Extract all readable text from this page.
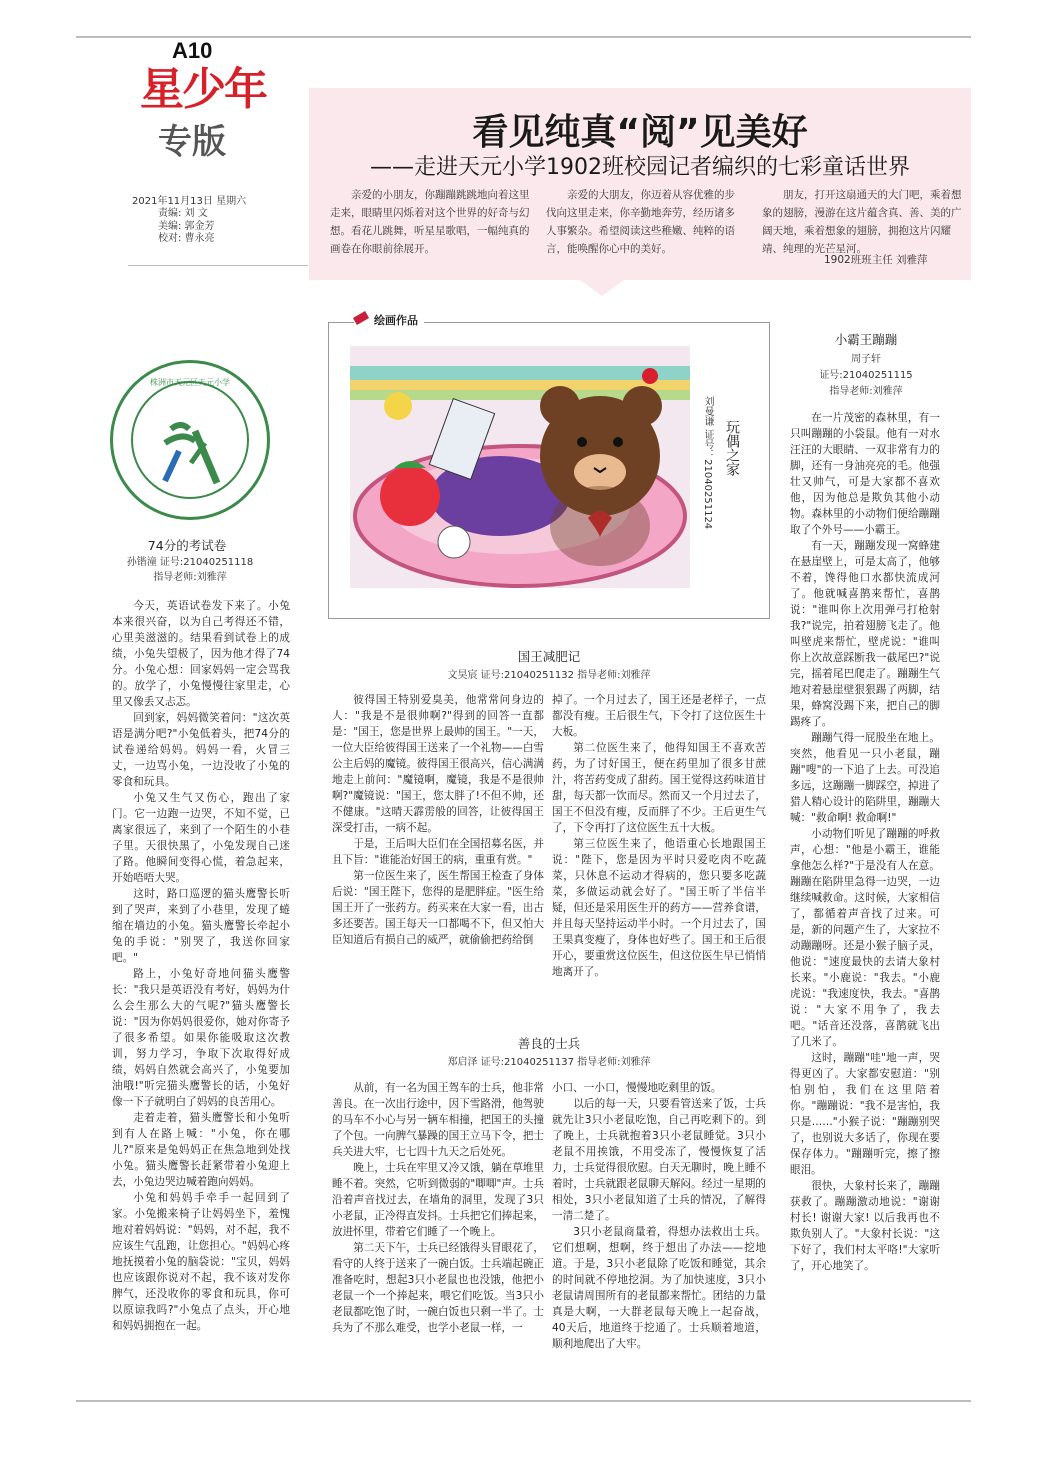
A10
星少年
专版
2021年11月13日 星期六
责编: 刘 文
美编: 郭金芳
校对: 曹永亮
看见纯真“阅”见美好
——走进天元小学1902班校园记者编织的七彩童话世界
亲爱的小朋友，你蹦蹦跳跳地向着这里走来，眼睛里闪烁着对这个世界的好奇与幻想。看花儿跳舞，听星星歌唱，一幅纯真的画卷在你眼前徐展开。
亲爱的大朋友，你迈着从容优雅的步伐向这里走来，你辛勤地奔劳，经历诸多人事繁杂。希望阅读这些稚嫩、纯粹的语言，能唤醒你心中的美好。
朋友，打开这扇通天的大门吧，乘着想象的翅膀，漫游在这片蕴含真、善、美的广阔天地，乘着想象的翅膀，拥抱这片闪耀靖、纯理的光芒星河。
1902班班主任 刘雅萍
株洲市天元区天元小学
绘画作品
玩偶之家
刘曼谦 证号：21040251124
74分的考试卷
孙锴潼 证号:21040251118
指导老师:刘雅萍

今天，英语试卷发下来了。小兔本来很兴奋，以为自己考得还不错，心里美滋滋的。结果看到试卷上的成绩，小兔失望极了，因为他才得了74分。小兔心想：回家妈妈一定会骂我的。放学了，小兔慢慢往家里走，心里又像丢又忐忑。

回到家，妈妈微笑着问："这次英语是满分吧?"小兔低着头，把74分的试卷递给妈妈。妈妈一看，火冒三丈，一边骂小兔，一边没收了小兔的零食和玩具。

小兔又生气又伤心，跑出了家门。它一边跑一边哭，不知不觉，已离家很远了，来到了一个陌生的小巷子里。天很快黑了，小兔发现自己迷了路。他瞬间变得心慌，着急起来，开始唔唔大哭。

这时，路口巡逻的猫头鹰警长听到了哭声，来到了小巷里，发现了蜷缩在墙边的小兔。猫头鹰警长牵起小兔的手说："别哭了，我送你回家吧。"

路上，小兔好奇地问猫头鹰警长："我只是英语没有考好，妈妈为什么会生那么大的气呢?"猫头鹰警长说："因为你妈妈很爱你，她对你寄予了很多希望。如果你能吸取这次教训，努力学习，争取下次取得好成绩，妈妈自然就会高兴了，小兔要加油哦!"听完猫头鹰警长的话，小兔好像一下子就明白了妈妈的良苦用心。

走着走着，猫头鹰警长和小兔听到有人在路上喊："小兔，你在哪儿?"原来是兔妈妈正在焦急地到处找小兔。猫头鹰警长赶紧带着小兔迎上去，小兔边哭边喊着跑向妈妈。

小兔和妈妈手牵手一起回到了家。小兔搬来椅子让妈妈坐下，羞愧地对着妈妈说："妈妈，对不起，我不应该生气乱跑，让您担心。"妈妈心疼地抚摸着小兔的脑袋说："宝贝，妈妈也应该跟你说对不起，我不该对发你脾气，还没收你的零食和玩具，你可以原谅我吗?"小兔点了点头，开心地和妈妈拥抱在一起。

国王减肥记
文昊宸 证号:21040251132 指导老师:刘雅萍

彼得国王特别爱臭美，他常常问身边的人："我是不是很帅啊?"得到的回答一直都是："国王，您是世界上最帅的国王。"一天，一位大臣给彼得国王送来了一个礼物——白雪公主后妈的魔镜。彼得国王很高兴，信心满满地走上前问："魔镜啊，魔镜，我是不是很帅啊?"魔镜说："国王，您太胖了!不但不帅，还不健康。"这晴天霹雳般的回答，让彼得国王深受打击，一病不起。

于是，王后叫大臣们在全国招募名医，并且下旨："谁能治好国王的病，重重有赏。"

第一位医生来了，医生帮国王检查了身体后说："国王陛下，您得的是肥胖症。"医生给国王开了一张药方。药买来在大家一看，出古多还要苦。国王每天一口都喝不下，但又怕大臣知道后有损自己的威严，就偷偷把药给倒

掉了。一个月过去了，国王还是老样子，一点都没有瘦。王后很生气，下令打了这位医生十大板。

第二位医生来了，他得知国王不喜欢苦药，为了讨好国王，便在药里加了很多甘蔗汁，将苦药变成了甜药。国王觉得这药味道甘甜，每天都一饮而尽。然而又一个月过去了，国王不但没有瘦，反而胖了不少。王后更生气了，下令再打了这位医生五十大板。

第三位医生来了，他语重心长地跟国王说："陛下，您是因为平时只爱吃肉不吃蔬菜，只休息不运动才得病的，您只要多吃蔬菜，多做运动就会好了。"国王听了半信半疑，但还是采用医生开的药方——营养食谱，并且每天坚持运动半小时。一个月过去了，国王果真变瘦了，身体也好些了。国王和王后很开心，要重赏这位医生，但这位医生早已悄悄地离开了。

善良的士兵
郑启泽 证号:21040251137 指导老师:刘雅萍

从前，有一名为国王驾车的士兵，他非常善良。在一次出行途中，因下雪路滑，他驾驶的马车不小心与另一辆车相撞，把国王的头撞了个包。一向脾气暴躁的国王立马下令，把士兵关进大牢，七七四十九天之后处死。

晚上，士兵在牢里又冷又饿，躺在草堆里睡不着。突然，它听到微弱的"唧唧"声。士兵沿着声音找过去，在墙角的洞里，发现了3只小老鼠，正冷得直发抖。士兵把它们捧起来，放进怀里，带着它们睡了一个晚上。

第二天下午，士兵已经饿得头冒眼花了，看守的人终于送来了一碗白饭。士兵端起碗正准备吃时，想起3只小老鼠也也没饿，他把小老鼠一个一个捧起来，喂它们吃饭。当3只小老鼠都吃饱了时，一碗白饭也只剩一半了。士兵为了不那么难受，也学小老鼠一样，一

小口、一小口，慢慢地吃剩里的饭。

以后的每一天，只要看管送来了饭，士兵就先让3只小老鼠吃饱，自己再吃剩下的。到了晚上，士兵就抱着3只小老鼠睡觉。3只小老鼠不用挨饿，不用受冻了，慢慢恢复了活力，士兵觉得很欣慰。白天无聊时，晚上睡不着时，士兵就跟老鼠聊天解闷。经过一星期的相处，3只小老鼠知道了士兵的情况，了解得一清二楚了。

3只小老鼠商量着，得想办法救出士兵。它们想啊，想啊，终于想出了办法——挖地道。于是，3只小老鼠除了吃饭和睡觉，其余的时间就不停地挖洞。为了加快速度，3只小老鼠请周围所有的老鼠都来帮忙。团结的力量真是大啊，一大群老鼠每天晚上一起奋战，40天后，地道终于挖通了。士兵顺着地道，顺利地爬出了大牢。

小霸王蹦蹦
周子轩
证号:21040251115
指导老师:刘雅萍

在一片茂密的森林里，有一只叫蹦蹦的小袋鼠。他有一对水汪汪的大眼睛、一双非常有力的脚，还有一身油亮亮的毛。他强壮又帅气，可是大家都不喜欢他，因为他总是欺负其他小动物。森林里的小动物们便给蹦蹦取了个外号——小霸王。

有一天，蹦蹦发现一窝蜂建在悬崖壁上，可是太高了，他够不着，馋得他口水都快流成河了。他就喊喜鹊来帮忙，喜鹊说："谁叫你上次用弹弓打枪射我?"说完，拍着翅膀飞走了。他叫壁虎来帮忙，壁虎说："谁叫你上次故意踩断我一截尾巴?"说完，摇着尾巴爬走了。蹦蹦生气地对着悬崖壁狠狠踢了两脚，结果，蜂窝没踢下来，把自己的脚踢疼了。

蹦蹦气得一屁股坐在地上。突然，他看见一只小老鼠，蹦蹦"嗖"的一下追了上去。可没追多远，这蹦蹦一脚踩空，掉进了猎人精心设计的陷阱里，蹦蹦大喊："救命啊! 救命啊!"

小动物们听见了蹦蹦的呼救声，心想："他是小霸王，谁能拿他怎么样?"于是没有人在意。蹦蹦在陷阱里急得一边哭，一边继续喊救命。这时候，大家相信了，都循着声音找了过来。可是，新的问题产生了，大家拉不动蹦蹦呀。还是小猴子脑子灵，他说："速度最快的去请大象村长来。"小鹿说："我去。"小鹿虎说："我速度快，我去。"喜鹊说："大家不用争了，我去吧。"话音还没落，喜鹊就飞出了几米了。

这时，蹦蹦"哇"地一声，哭得更凶了。大家都安慰道："别怕别怕，我们在这里陪着你。"蹦蹦说："我不是害怕，我只是……"小猴子说："蹦蹦别哭了，也别说大多话了，你现在要保存体力。"蹦蹦听完，擦了擦眼泪。

很快，大象村长来了，蹦蹦获救了。蹦蹦激动地说："谢谢村长! 谢谢大家! 以后我再也不欺负别人了。"大象村长说："这下好了，我们村太平咯!"大家听了，开心地笑了。
